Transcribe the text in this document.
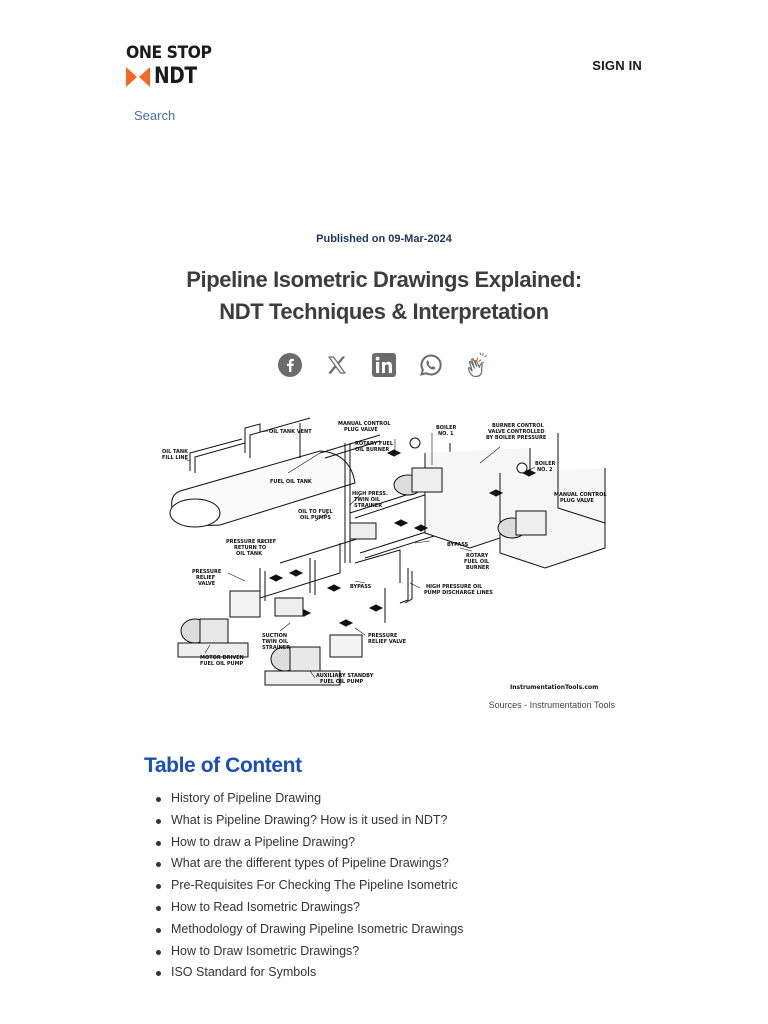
ONE STOP
NDT	SIGN IN
Search
Published on 09-Mar-2024
Pipeline Isometric Drawings Explained:
NDT Techniques & Interpretation
OIL TANK VENT
OIL TANK
FILL LINE
FUEL OIL TANK
MANUAL CONTROL
PLUG VALVE
ROTARY FUEL
OIL BURNER
BOILER
NO. 1
BURNER CONTROL
VALVE CONTROLLED
BY BOILER PRESSURE
BOILER
NO. 2
MANUAL CONTROL
PLUG VALVE
HIGH PRESS.
TWIN OIL
STRAINER
OIL TO FUEL
OIL PUMPS
PRESSURE RELIEF
RETURN TO
OIL TANK
BYPASS
ROTARY
FUEL OIL
BURNER
PRESSURE
RELIEF
VALVE	BYPASS	HIGH PRESSURE OIL
PUMP DISCHARGE LINES
SUCTION
TWIN OIL
STRAINER
PRESSURE
RELIEF VALVE
MOTOR DRIVEN
FUEL OIL PUMP
AUXILIARY STANDBY
FUEL OIL PUMP
InstrumentationTools.com
Sources - Instrumentation Tools
Table of Content
History of Pipeline Drawing
What is Pipeline Drawing? How is it used in NDT?
How to draw a Pipeline Drawing?
What are the different types of Pipeline Drawings?
Pre-Requisites For Checking The Pipeline Isometric
How to Read Isometric Drawings?
Methodology of Drawing Pipeline Isometric Drawings
How to Draw Isometric Drawings?
ISO Standard for Symbols
